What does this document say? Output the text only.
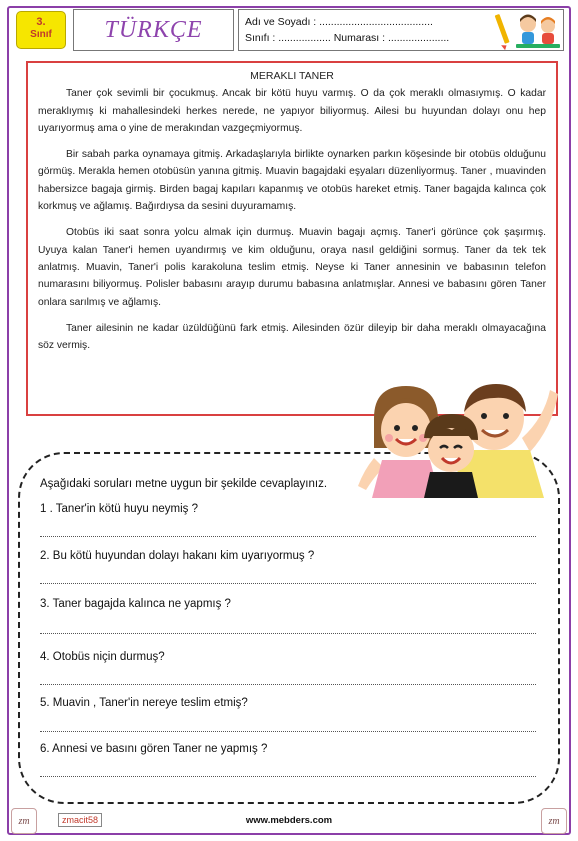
3.
Sınıf	TÜRKÇE	Adı ve Soyadı : .......................................
Sınıfı : .................. Numarası : .....................
MERAKLI TANER

Taner çok sevimli bir çocukmuş. Ancak bir kötü huyu varmış. O da çok meraklı olmasıymış. O kadar meraklıymış ki mahallesindeki herkes nerede, ne yapıyor biliyormuş. Ailesi bu huyundan dolayı onu hep uyarıyormuş ama o yine de merakından vazgeçmiyormuş.

Bir sabah parka oynamaya gitmiş. Arkadaşlarıyla birlikte oynarken parkın köşesinde bir otobüs olduğunu görmüş. Merakla hemen otobüsün yanına gitmiş. Muavin bagajdaki eşyaları düzenliyormuş. Taner , muavinden habersizce bagaja girmiş. Birden bagaj kapıları kapanmış ve otobüs hareket etmiş. Taner bagajda kalınca çok korkmuş ve ağlamış. Bağırdıysa da sesini duyuramamış.

Otobüs iki saat sonra yolcu almak için durmuş. Muavin bagajı açmış. Taner'i görünce çok şaşırmış. Uyuya kalan Taner'i hemen uyandırmış ve kim olduğunu, oraya nasıl geldiğini sormuş. Taner da tek tek anlatmış. Muavin, Taner'i polis karakoluna teslim etmiş. Neyse ki Taner annesinin ve babasının telefon numarasını biliyormuş. Polisler babasını arayıp durumu babasına anlatmışlar. Annesi ve babasını gören Taner onlara sarılmış ve ağlamış.

Taner ailesinin ne kadar üzüldüğünü fark etmiş. Ailesinden özür dileyip bir daha meraklı olmayacağına söz vermiş.

Aşağıdaki soruları metne uygun bir şekilde cevaplayınız.
1 . Taner'in kötü huyu neymiş ?
2. Bu kötü huyundan dolayı hakanı kim uyarıyormuş ?
3. Taner bagajda kalınca ne yapmış ?
4. Otobüs niçin durmuş?
5. Muavin , Taner'in nereye teslim etmiş?
6. Annesi ve basını gören Taner ne yapmış ?
zm	zmacit58	www.mebders.com	zm
